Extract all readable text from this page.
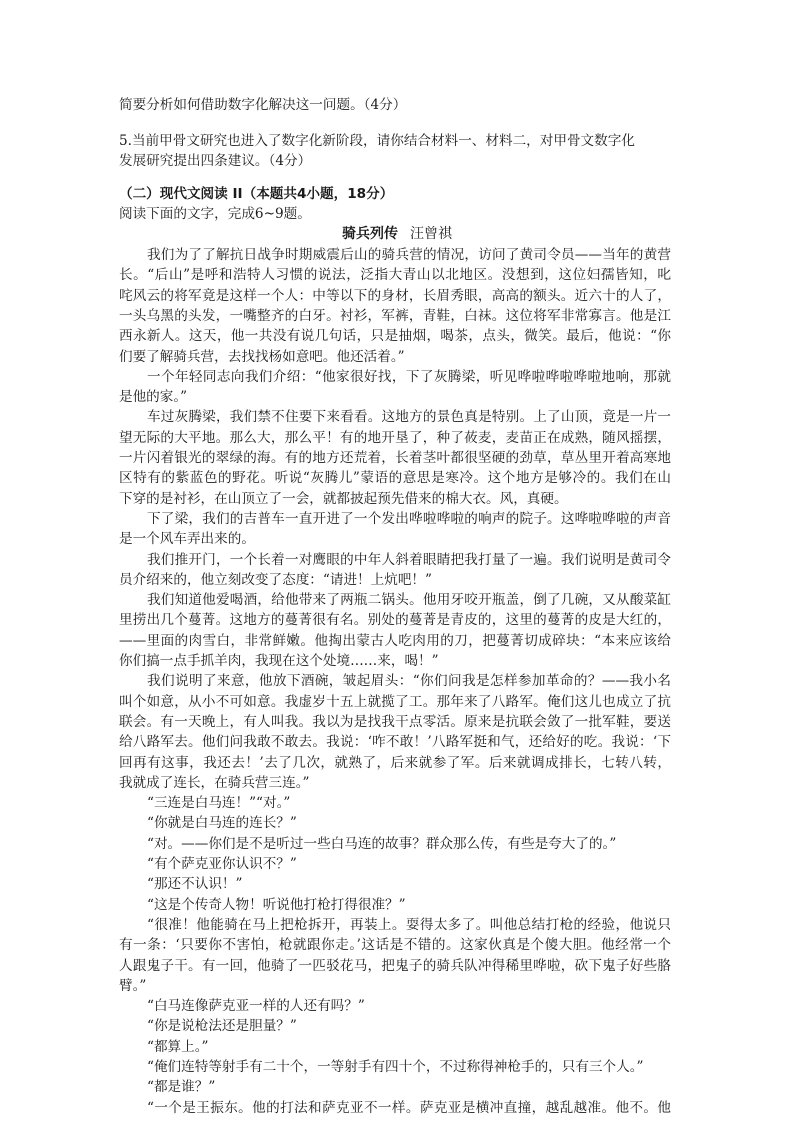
简要分析如何借助数字化解决这一问题。（4分）
5.当前甲骨文研究也进入了数字化新阶段，请你结合材料一、材料二，对甲骨文数字化
发展研究提出四条建议。（4分）
（二）现代文阅读 II（本题共4小题，18分）
阅读下面的文字，完成6~9题。
骑兵列传 汪曾祺
我们为了了解抗日战争时期威震后山的骑兵营的情况，访问了黄司令员——当年的黄营
长。“后山”是呼和浩特人习惯的说法，泛指大青山以北地区。没想到，这位妇孺皆知，叱
咤风云的将军竟是这样一个人：中等以下的身材，长眉秀眼，高高的额头。近六十的人了，
一头乌黑的头发，一嘴整齐的白牙。衬衫，军裤，青鞋，白袜。这位将军非常寡言。他是江
西永新人。这天，他一共没有说几句话，只是抽烟，喝茶，点头，微笑。最后，他说：“你
们要了解骑兵营，去找找杨如意吧。他还活着。”
一个年轻同志向我们介绍：“他家很好找，下了灰腾梁，听见哗啦哗啦哗啦地响，那就
是他的家。”
车过灰腾梁，我们禁不住要下来看看。这地方的景色真是特别。上了山顶，竟是一片一
望无际的大平地。那么大，那么平！有的地开垦了，种了莜麦，麦苗正在成熟，随风摇摆，
一片闪着银光的翠绿的海。有的地方还荒着，长着茎叶都很坚硬的劲草，草丛里开着高寒地
区特有的紫蓝色的野花。听说“灰腾儿”蒙语的意思是寒冷。这个地方是够冷的。我们在山
下穿的是衬衫，在山顶立了一会，就都披起预先借来的棉大衣。风，真硬。
下了梁，我们的吉普车一直开进了一个发出哗啦哗啦的响声的院子。这哗啦哗啦的声音
是一个风车弄出来的。
我们推开门，一个长着一对鹰眼的中年人斜着眼睛把我打量了一遍。我们说明是黄司令
员介绍来的，他立刻改变了态度：“请进！上炕吧！”
我们知道他爱喝酒，给他带来了两瓶二锅头。他用牙咬开瓶盖，倒了几碗，又从酸菜缸
里捞出几个蔓菁。这地方的蔓菁很有名。别处的蔓菁是青皮的，这里的蔓菁的皮是大红的，
——里面的肉雪白，非常鲜嫩。他掏出蒙古人吃肉用的刀，把蔓菁切成碎块：“本来应该给
你们搞一点手抓羊肉，我现在这个处境……来，喝！”
我们说明了来意，他放下酒碗，皱起眉头：“你们问我是怎样参加革命的？——我小名
叫个如意，从小不可如意。我虚岁十五上就揽了工。那年来了八路军。俺们这儿也成立了抗
联会。有一天晚上，有人叫我。我以为是找我干点零活。原来是抗联会敛了一批军鞋，要送
给八路军去。他们问我敢不敢去。我说：‘咋不敢！’八路军挺和气，还给好的吃。我说：‘下
回再有这事，我还去！’去了几次，就熟了，后来就参了军。后来就调成排长，七转八转，
我就成了连长，在骑兵营三连。”
“三连是白马连！”“对。”
“你就是白马连的连长？”
“对。——你们是不是听过一些白马连的故事？群众那么传，有些是夸大了的。”
“有个萨克亚你认识不？”
“那还不认识！”
“这是个传奇人物！听说他打枪打得很准？”
“很准！他能骑在马上把枪拆开，再装上。耍得太多了。叫他总结打枪的经验，他说只
有一条：‘只要你不害怕，枪就跟你走。’这话是不错的。这家伙真是个傻大胆。他经常一个
人跟鬼子干。有一回，他骑了一匹驳花马，把鬼子的骑兵队冲得稀里哗啦，砍下鬼子好些胳
臂。”
“白马连像萨克亚一样的人还有吗？”
“你是说枪法还是胆量？”
“都算上。”
“俺们连特等射手有二十个，一等射手有四十个，不过称得神枪手的，只有三个人。”
“都是谁？”
“一个是王振东。他的打法和萨克亚不一样。萨克亚是横冲直撞，越乱越准。他不。他
